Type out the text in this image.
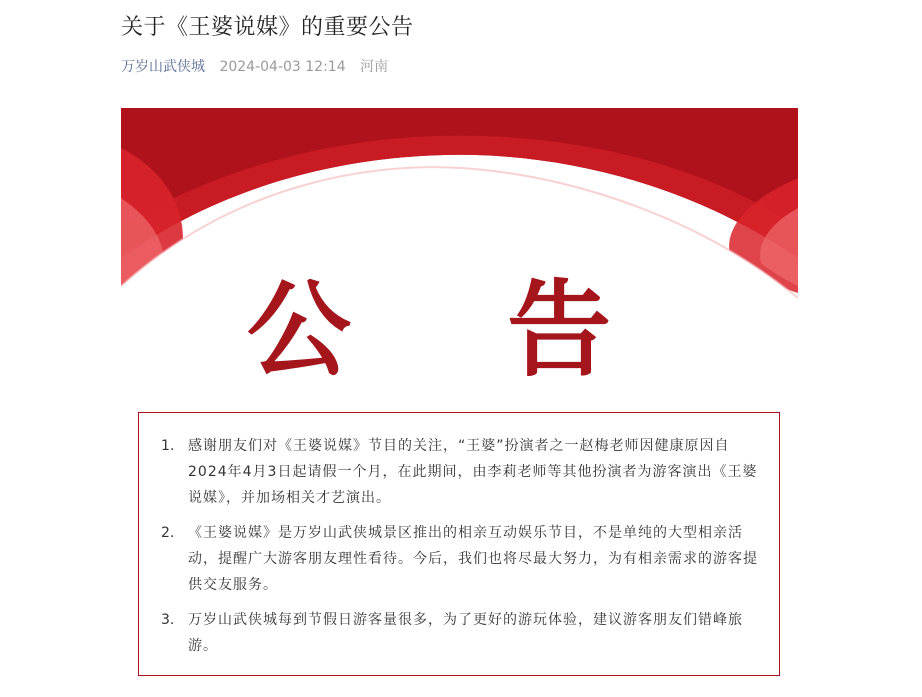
关于《王婆说媒》的重要公告
万岁山武侠城 2024-04-03 12:14 河南
公 告
1. 感谢朋友们对《王婆说媒》节目的关注，“王婆”扮演者之一赵梅老师因健康原因自2024年4月3日起请假一个月，在此期间，由李莉老师等其他扮演者为游客演出《王婆说媒》，并加场相关才艺演出。
2. 《王婆说媒》是万岁山武侠城景区推出的相亲互动娱乐节目，不是单纯的大型相亲活动，提醒广大游客朋友理性看待。今后，我们也将尽最大努力，为有相亲需求的游客提供交友服务。
3. 万岁山武侠城每到节假日游客量很多，为了更好的游玩体验，建议游客朋友们错峰旅游。
